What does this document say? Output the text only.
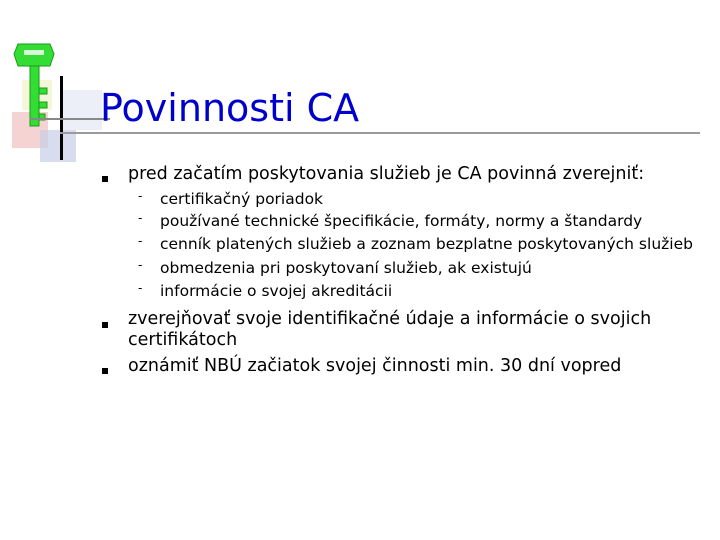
Povinnosti CA
pred začatím poskytovania služieb je CA povinná zverejniť:
- certifikačný poriadok
- používané technické špecifikácie, formáty, normy a štandardy
- cenník platených služieb a zoznam bezplatne poskytovaných služieb
- obmedzenia pri poskytovaní služieb, ak existujú
- informácie o svojej akreditácii
zverejňovať svoje identifikačné údaje a informácie o svojich certifikátoch
oznámiť NBÚ začiatok svojej činnosti min. 30 dní vopred
